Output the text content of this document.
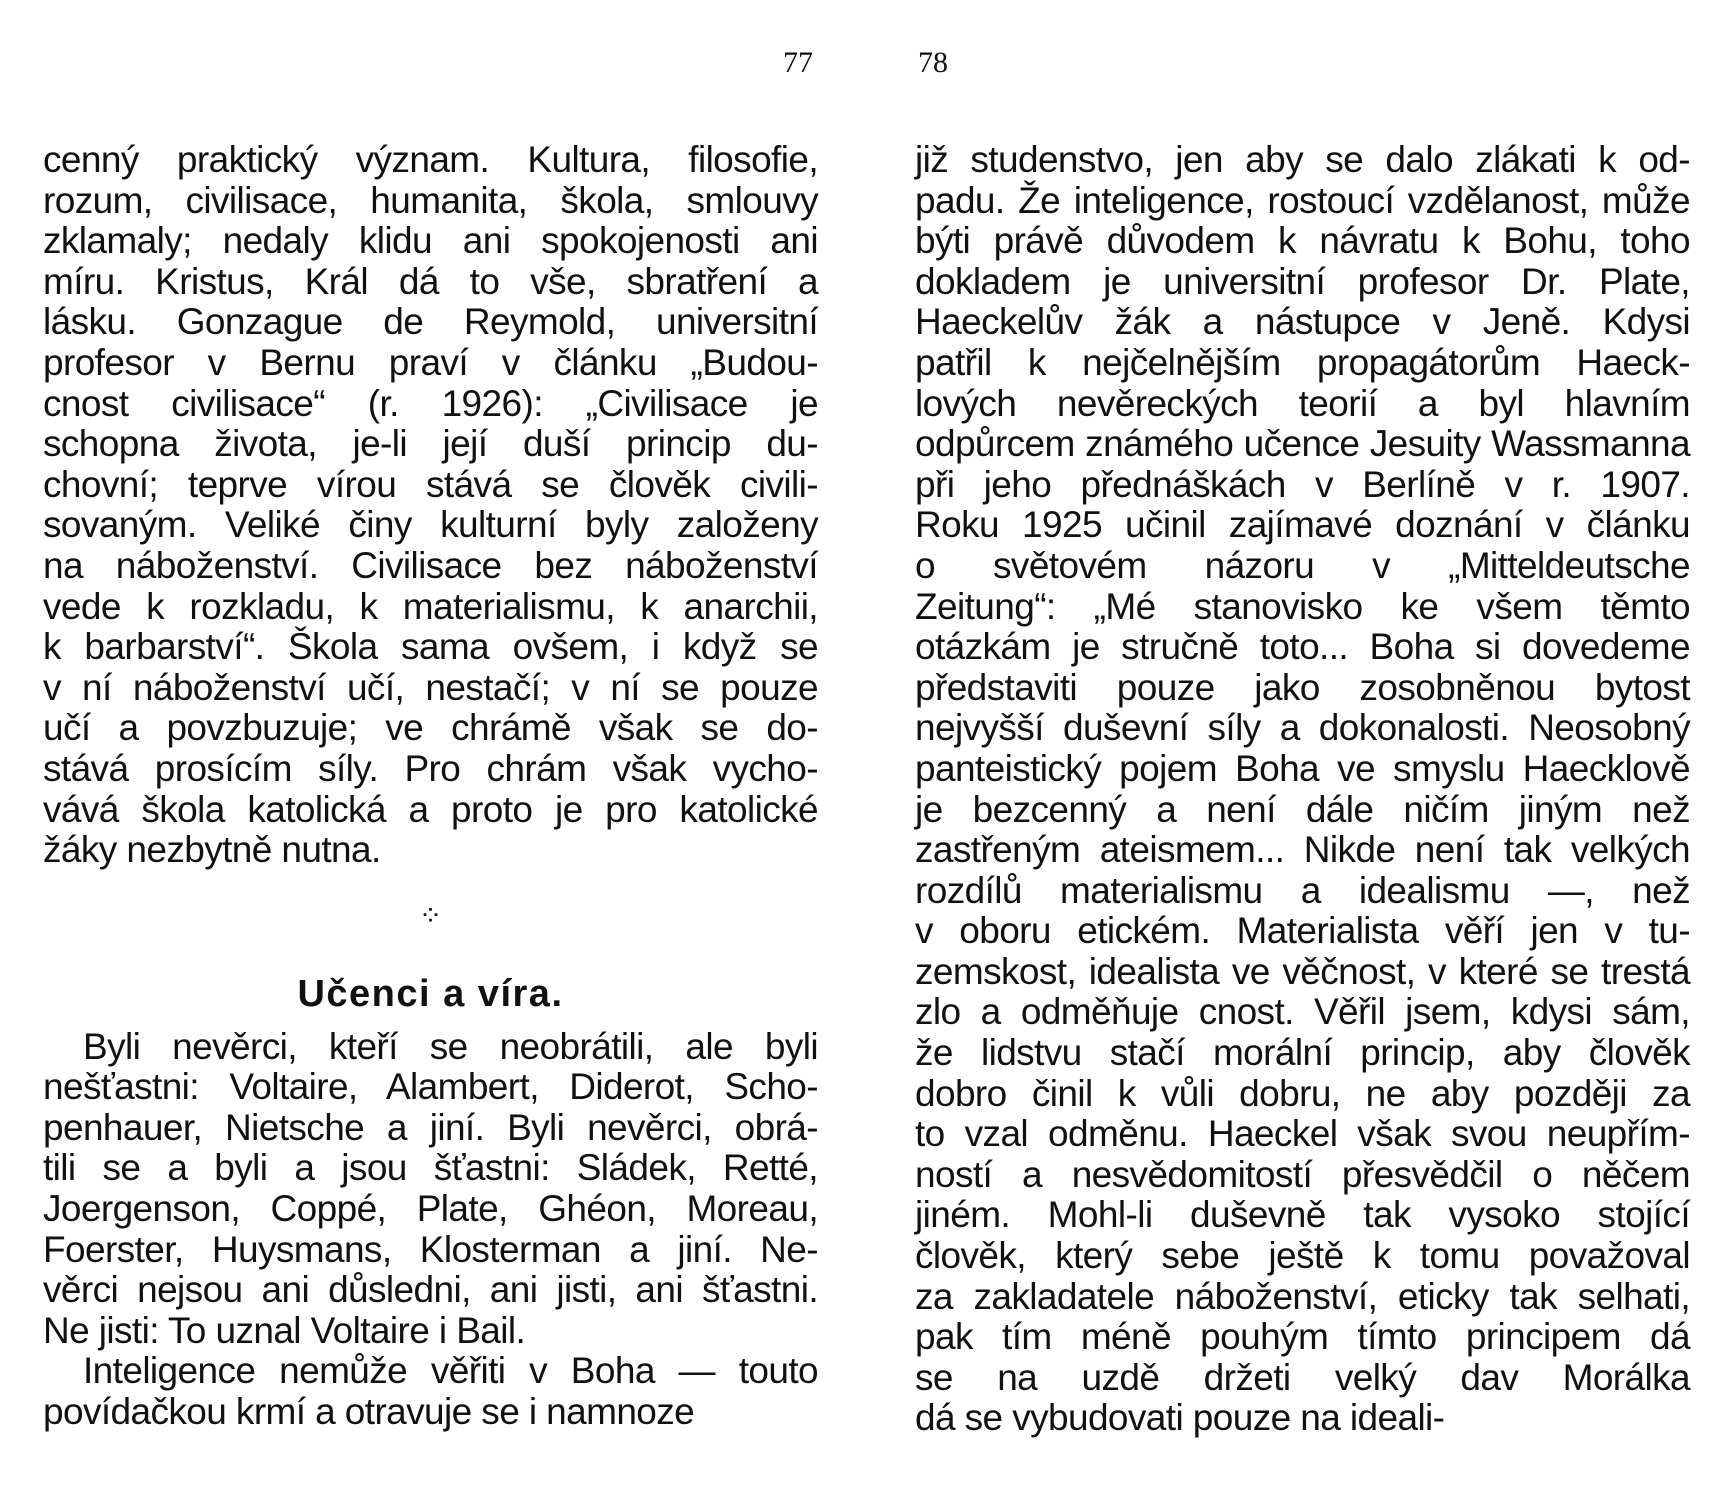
77	78
cenný praktický význam. Kultura, filosofie,
rozum, civilisace, humanita, škola, smlouvy
zklamaly; nedaly klidu ani spokojenosti ani
míru. Kristus, Král dá to vše, sbratření a
lásku. Gonzague de Reymold, universitní
profesor v Bernu praví v článku „Budou-
cnost civilisace“ (r. 1926): „Civilisace je
schopna života, je-li její duší princip du-
chovní; teprve vírou stává se člověk civili-
sovaným. Veliké činy kulturní byly založeny
na náboženství. Civilisace bez náboženství
vede k rozkladu, k materialismu, k anarchii,
k barbarství“. Škola sama ovšem, i když se
v ní náboženství učí, nestačí; v ní se pouze
učí a povzbuzuje; ve chrámě však se do-
stává prosícím síly. Pro chrám však vycho-
vává škola katolická a proto je pro katolické
žáky nezbytně nutna.
⁘
Učenci a víra.
Byli nevěrci, kteří se neobrátili, ale byli
nešťastni: Voltaire, Alambert, Diderot, Scho-
penhauer, Nietsche a jiní. Byli nevěrci, obrá-
tili se a byli a jsou šťastni: Sládek, Retté,
Joergenson, Coppé, Plate, Ghéon, Moreau,
Foerster, Huysmans, Klosterman a jiní. Ne-
věrci nejsou ani důsledni, ani jisti, ani šťastni.
Ne jisti: To uznal Voltaire i Bail.
Inteligence nemůže věřiti v Boha — touto
povídačkou krmí a otravuje se i namnoze
již studenstvo, jen aby se dalo zlákati k od-
padu. Že inteligence, rostoucí vzdělanost, může
býti právě důvodem k návratu k Bohu, toho
dokladem je universitní profesor Dr. Plate,
Haeckelův žák a nástupce v Jeně. Kdysi
patřil k nejčelnějším propagátorům Haeck-
lových nevěreckých teorií a byl hlavním
odpůrcem známého učence Jesuity Wassmanna
při jeho přednáškách v Berlíně v r. 1907.
Roku 1925 učinil zajímavé doznání v článku
o světovém názoru v „Mitteldeutsche
Zeitung“: „Mé stanovisko ke všem těmto
otázkám je stručně toto... Boha si dovedeme
představiti pouze jako zosobněnou bytost
nejvyšší duševní síly a dokonalosti. Neosobný
panteistický pojem Boha ve smyslu Haecklově
je bezcenný a není dále ničím jiným než
zastřeným ateismem... Nikde není tak velkých
rozdílů materialismu a idealismu —, než
v oboru etickém. Materialista věří jen v tu-
zemskost, idealista ve věčnost, v které se trestá
zlo a odměňuje cnost. Věřil jsem, kdysi sám,
že lidstvu stačí morální princip, aby člověk
dobro činil k vůli dobru, ne aby později za
to vzal odměnu. Haeckel však svou neupřím-
ností a nesvědomitostí přesvědčil o něčem
jiném. Mohl-li duševně tak vysoko stojící
člověk, který sebe ještě k tomu považoval
za zakladatele náboženství, eticky tak selhati,
pak tím méně pouhým tímto principem dá
se na uzdě držeti velký dav Morálka
dá se vybudovati pouze na ideali-
